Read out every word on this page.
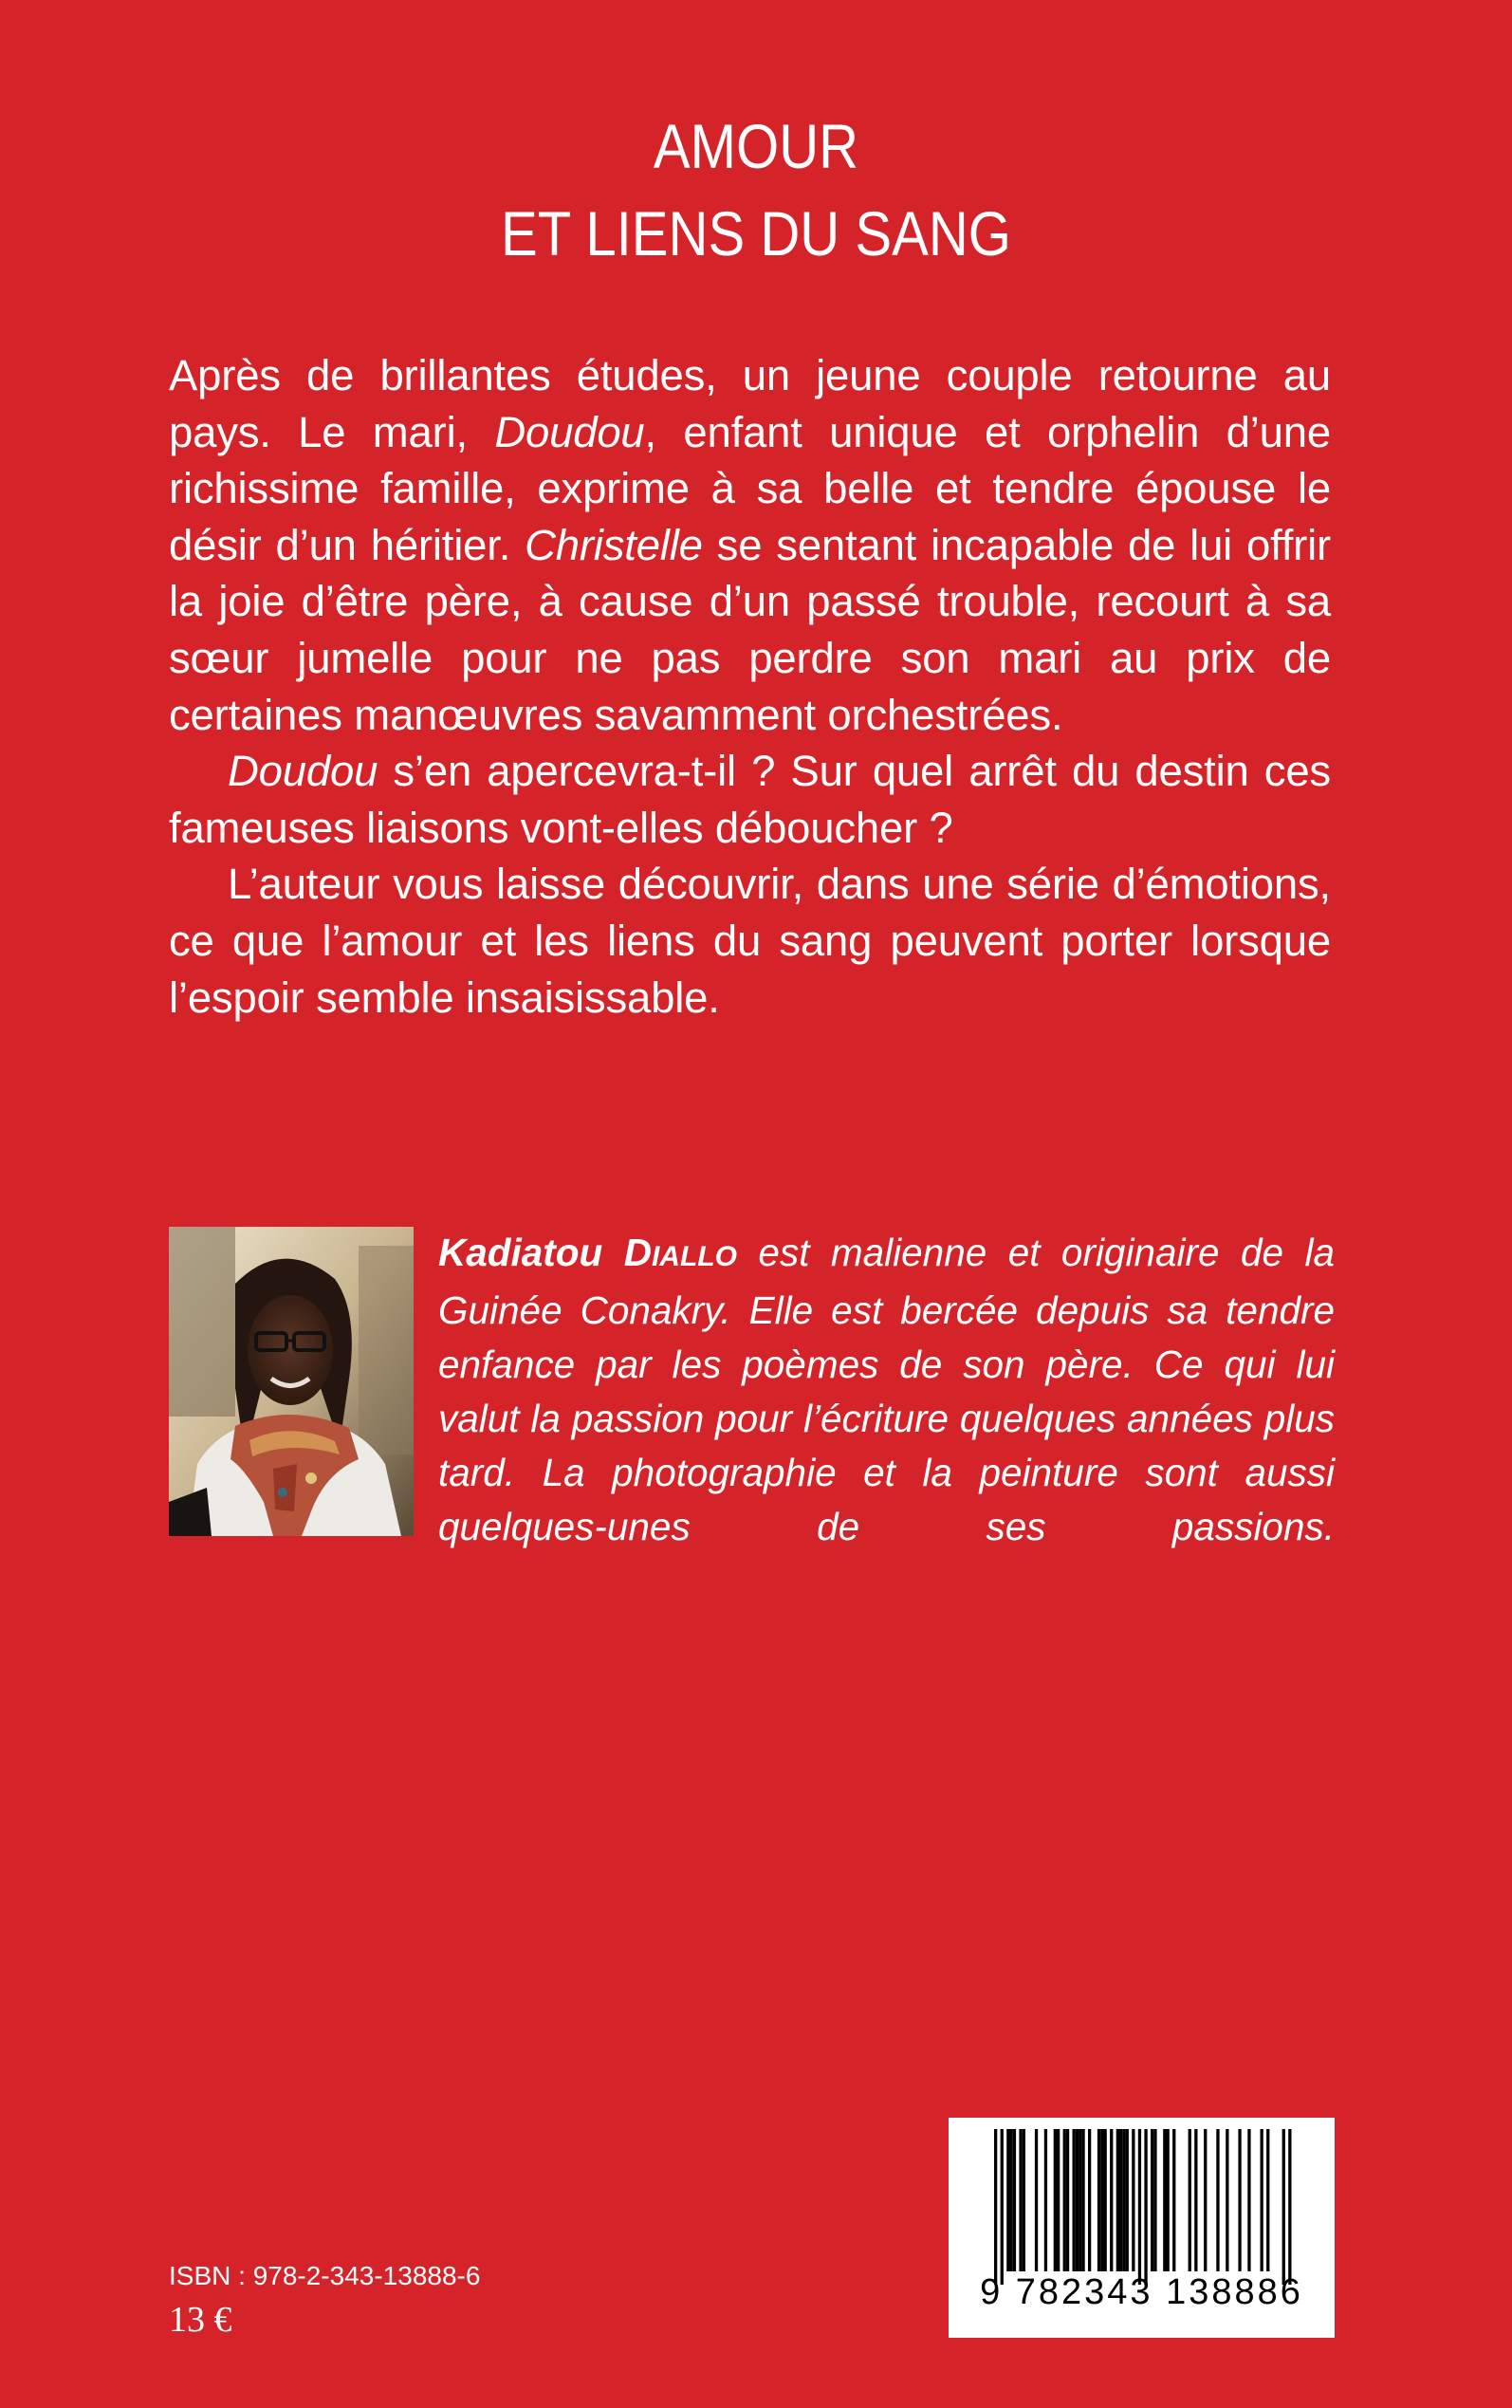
AMOUR
ET LIENS DU SANG

Après de brillantes études, un jeune couple retourne au pays. Le mari, Doudou, enfant unique et orphelin d’une richissime famille, exprime à sa belle et tendre épouse le désir d’un héritier. Christelle se sentant incapable de lui offrir la joie d’être père, à cause d’un passé trouble, recourt à sa sœur jumelle pour ne pas perdre son mari au prix de certaines manœuvres savamment orchestrées.

Doudou s’en apercevra-t-il ? Sur quel arrêt du destin ces fameuses liaisons vont-elles déboucher ?

L’auteur vous laisse découvrir, dans une série d’émotions, ce que l’amour et les liens du sang peuvent porter lorsque l’espoir semble insaisissable.

Kadiatou DIALLO est malienne et originaire de la Guinée Conakry. Elle est bercée depuis sa tendre enfance par les poèmes de son père. Ce qui lui valut la passion pour l’écriture quelques années plus tard. La photographie et la peinture sont aussi quelques-unes de ses passions.
9 782343 138886
ISBN : 978-2-343-13888-6
13 €
